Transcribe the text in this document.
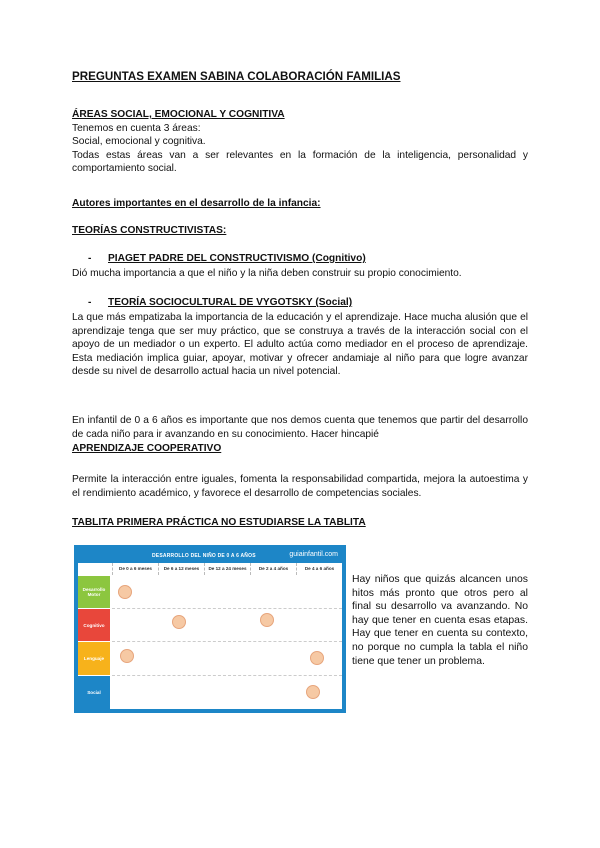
PREGUNTAS EXAMEN SABINA COLABORACIÓN FAMILIAS

ÁREAS SOCIAL, EMOCIONAL Y COGNITIVA

Tenemos en cuenta 3 áreas:

Social, emocional y cognitiva.

Todas estas áreas van a ser relevantes en la formación de la inteligencia, personalidad y comportamiento social.

Autores importantes en el desarrollo de la infancia:

TEORÍAS CONSTRUCTIVISTAS:

- PIAGET PADRE DEL CONSTRUCTIVISMO (Cognitivo)

Dió mucha importancia a que el niño y la niña deben construir su propio conocimiento.

- TEORÍA SOCIOCULTURAL DE VYGOTSKY (Social)

La que más empatizaba la importancia de la educación y el aprendizaje. Hace mucha alusión que el aprendizaje tenga que ser muy práctico, que se construya a través de la interacción social con el apoyo de un mediador o un experto. El adulto actúa como mediador en el proceso de aprendizaje. Esta mediación implica guiar, apoyar, motivar y ofrecer andamiaje al niño para que logre avanzar desde su nivel de desarrollo actual hacia un nivel potencial.

En infantil de 0 a 6 años es importante que nos demos cuenta que tenemos que partir del desarrollo de cada niño para ir avanzando en su conocimiento. Hacer hincapié

APRENDIZAJE COOPERATIVO

Permite la interacción entre iguales, fomenta la responsabilidad compartida, mejora la autoestima y el rendimiento académico, y favorece el desarrollo de competencias sociales.

TABLITA PRIMERA PRÁCTICA NO ESTUDIARSE LA TABLITA

DESARROLLO DEL NIÑO DE 0 A 6 AÑOS	guiainfantil.com
De 0 a 6 meses	De 6 a 12 meses	De 12 a 24 meses	De 2 a 4 años	De 4 a 6 años
Desarrollo Motor
Cognitivo
Lenguaje
Social

Hay niños que quizás alcancen unos hitos más pronto que otros pero al final su desarrollo va avanzando. No hay que tener en cuenta esas etapas. Hay que tener en cuenta su contexto, no porque no cumpla la tabla el niño tiene que tener un problema.
